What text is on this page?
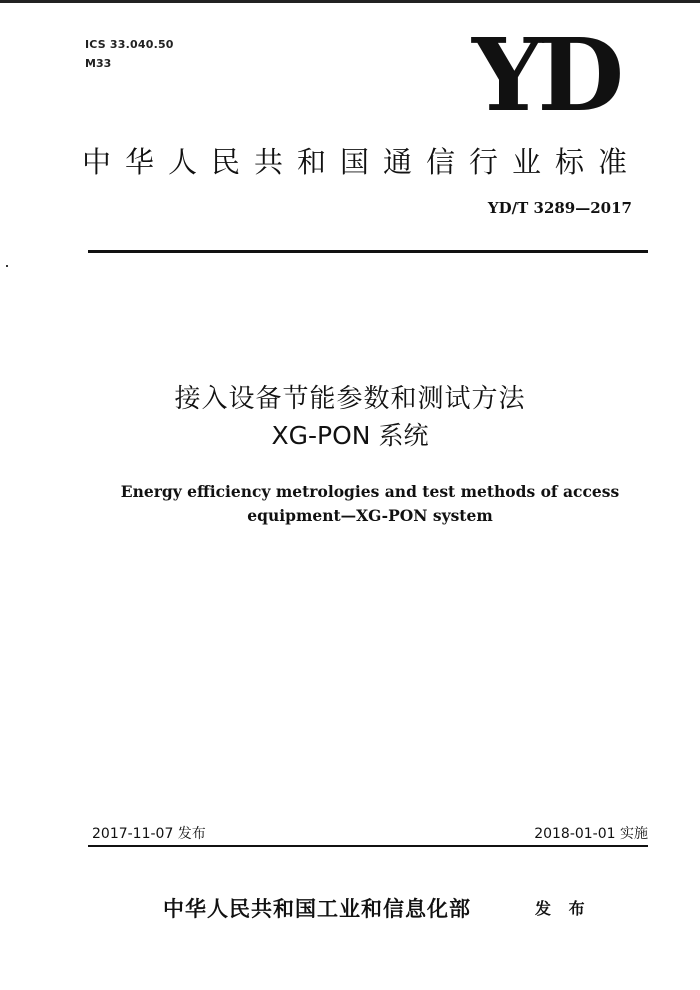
ICS 33.040.50
M33	YD
中华人民共和国通信行业标准
YD/T 3289—2017
接入设备节能参数和测试方法
XG-PON 系统
Energy efficiency metrologies and test methods of access
equipment—XG-PON system
2017-11-07 发布	2018-01-01 实施
中华人民共和国工业和信息化部	发 布
